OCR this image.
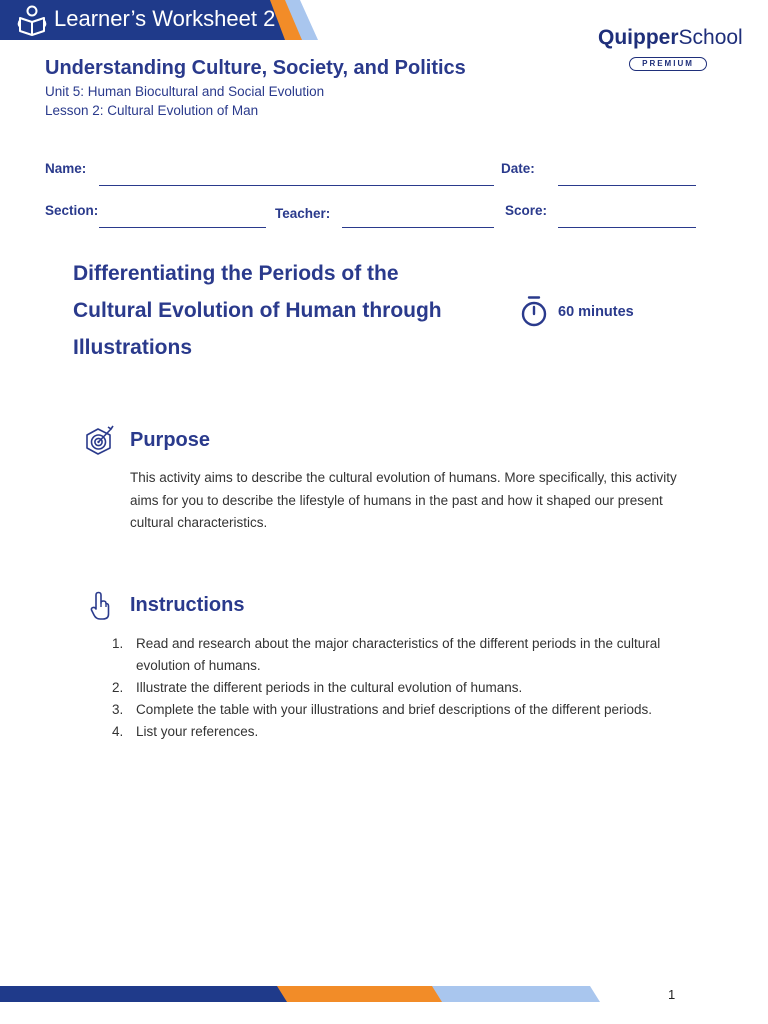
Learner’s Worksheet 2
QuipperSchool
PREMIUM
Understanding Culture, Society, and Politics
Unit 5: Human Biocultural and Social Evolution
Lesson 2: Cultural Evolution of Man
Name:	Date:
Section:	Teacher:	Score:
Differentiating the Periods of the
Cultural Evolution of Human through
Illustrations
60 minutes
Purpose
This activity aims to describe the cultural evolution of humans. More specifically, this activity aims for you to describe the lifestyle of humans in the past and how it shaped our present cultural characteristics.
Instructions
1. Read and research about the major characteristics of the different periods in the cultural evolution of humans.
2. Illustrate the different periods in the cultural evolution of humans.
3. Complete the table with your illustrations and brief descriptions of the different periods.
4. List your references.
1
